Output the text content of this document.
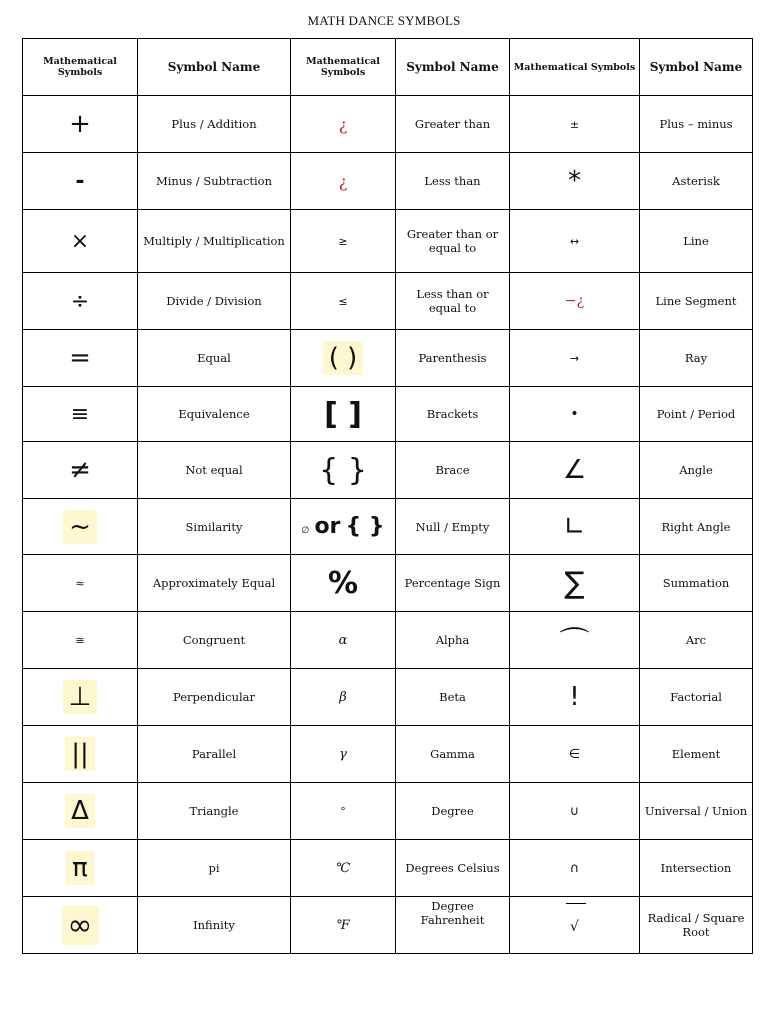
MATH DANCE SYMBOLS
Mathematical Symbols	Symbol Name	Mathematical Symbols	Symbol Name	Mathematical Symbols	Symbol Name
+	Plus / Addition	¿	Greater than	±	Plus – minus
-	Minus / Subtraction	¿	Less than	*	Asterisk
×	Multiply / Multiplication	≥	Greater than or equal to	↔	Line
÷	Divide / Division	≤	Less than or equal to	−¿	Line Segment
=	Equal	( )	Parenthesis	→	Ray
≡	Equivalence	[ ]	Brackets	•	Point / Period
≠	Not equal	{ }	Brace	∠	Angle
~	Similarity	∅ or { }	Null / Empty	∟	Right Angle
≈	Approximately Equal	%	Percentage Sign	∑	Summation
≅	Congruent	α	Alpha	⌒	Arc
⊥	Perpendicular	β	Beta	!	Factorial
||	Parallel	γ	Gamma	∈	Element
Δ	Triangle	°	Degree	∪	Universal / Union
π	pi	℃	Degrees Celsius	∩	Intersection
∞	Infinity	℉	Degree Fahrenheit	√	Radical / Square Root
